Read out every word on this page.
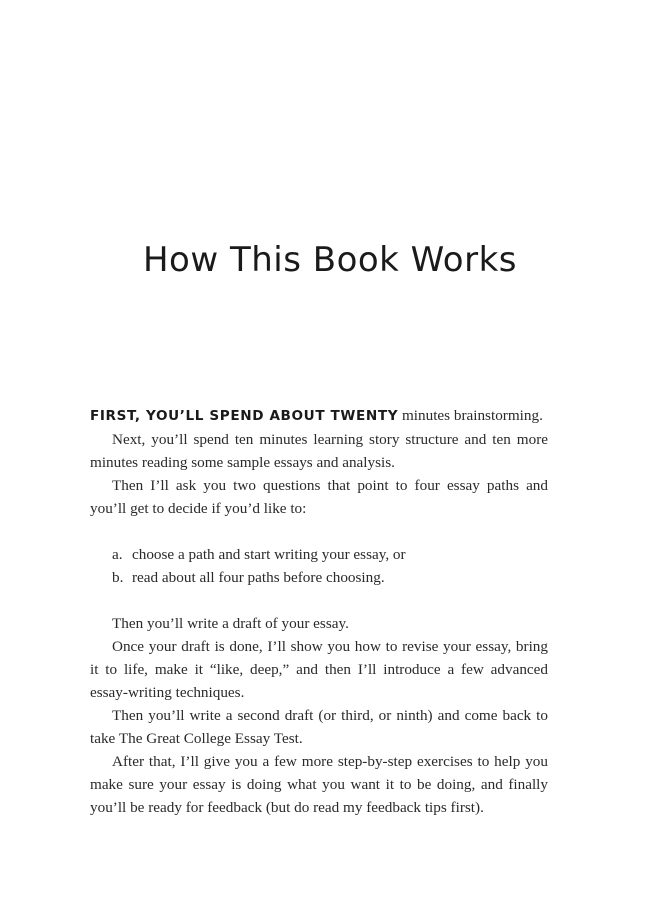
How This Book Works

FIRST, YOU’LL SPEND ABOUT TWENTY minutes brainstorming.

Next, you’ll spend ten minutes learning story structure and ten more minutes reading some sample essays and analysis.

Then I’ll ask you two questions that point to four essay paths and you’ll get to decide if you’d like to:

a. choose a path and start writing your essay, or
b. read about all four paths before choosing.

Then you’ll write a draft of your essay.

Once your draft is done, I’ll show you how to revise your essay, bring it to life, make it “like, deep,” and then I’ll introduce a few advanced essay-writing techniques.

Then you’ll write a second draft (or third, or ninth) and come back to take The Great College Essay Test.

After that, I’ll give you a few more step-by-step exercises to help you make sure your essay is doing what you want it to be doing, and finally you’ll be ready for feedback (but do read my feedback tips first).
